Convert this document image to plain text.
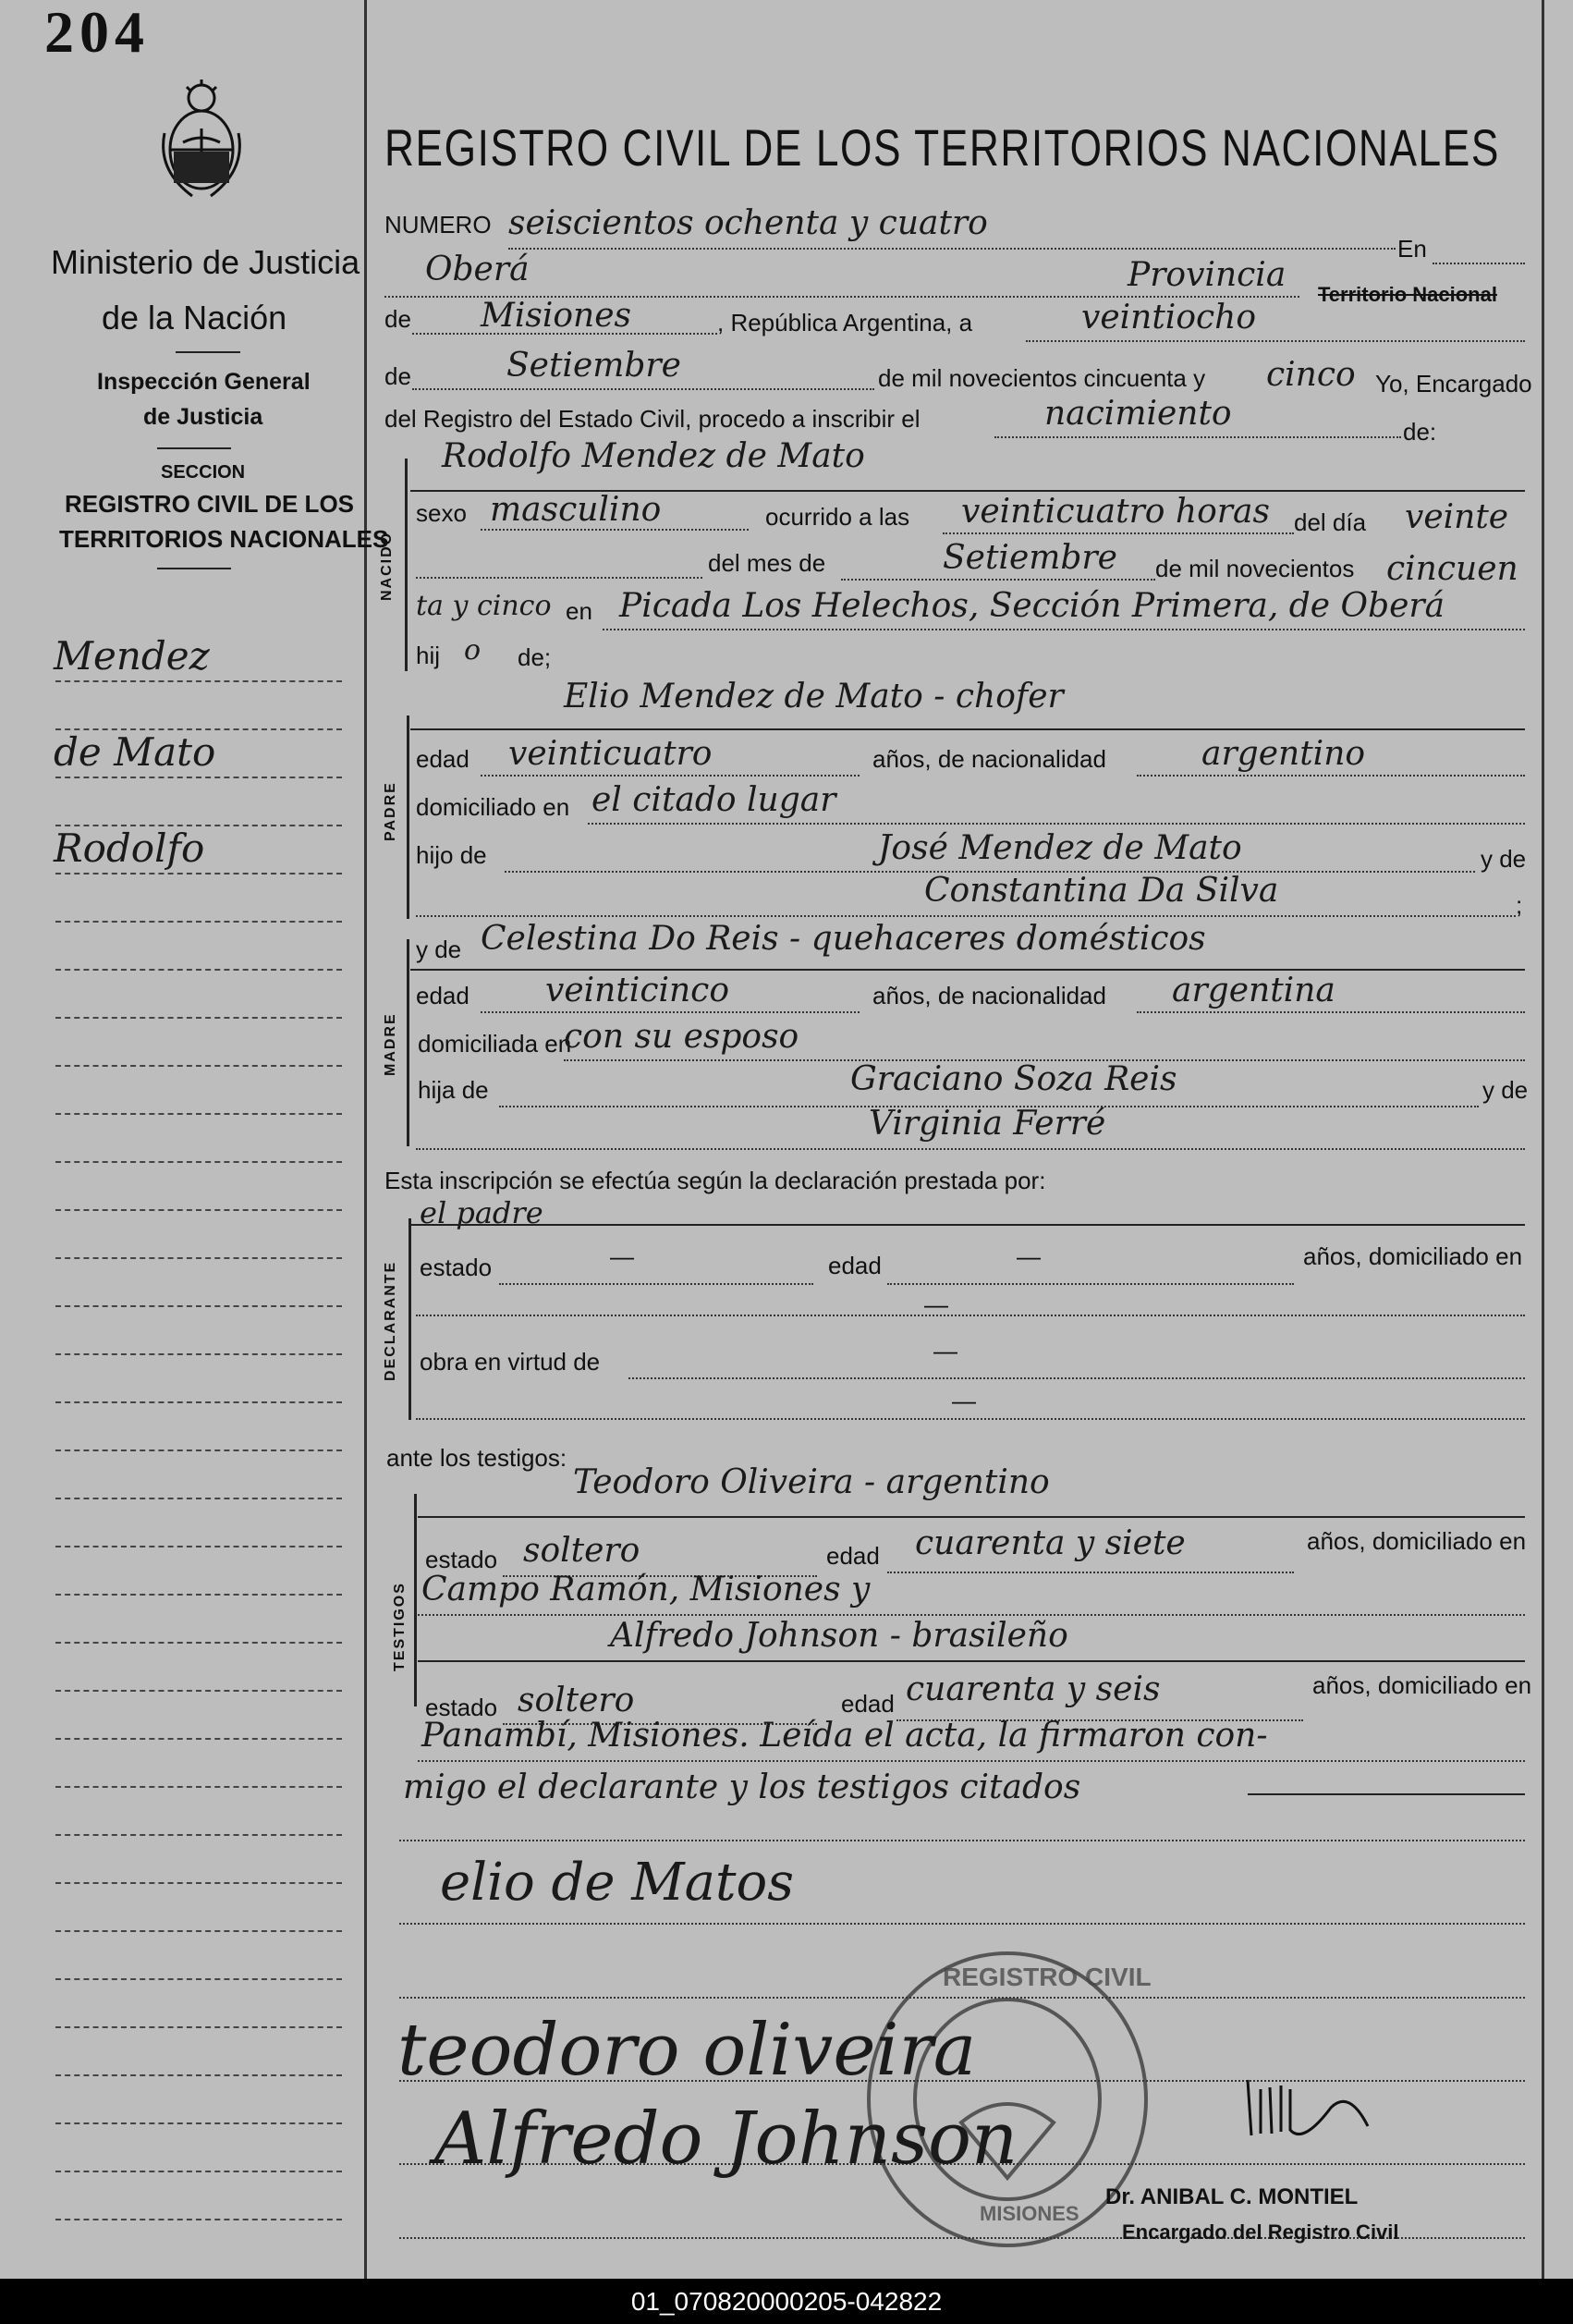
204
Ministerio de Justicia
de la Nación
Inspección General
de Justicia
SECCION
REGISTRO CIVIL DE LOS
TERRITORIOS NACIONALES
Mendez
de Mato
Rodolfo
REGISTRO CIVIL DE LOS TERRITORIOS NACIONALES
NUMERO seiscientos ochenta y cuatro
En
Oberá	Provincia
Territorio Nacional
de Misiones	, República Argentina, a	veintiocho
de	Setiembre	de mil novecientos cincuenta y cinco Yo, Encargado
del Registro del Estado Civil, procedo a inscribir el	nacimiento	de:
NACIDO
Rodolfo Mendez de Mato
sexo masculino	ocurrido a las veinticuatro horas del día veinte
del mes de	Setiembre de mil novecientos cincuen
ta y cinco en Picada Los Helechos, Sección Primera, de Oberá
hij o de;
PADRE
Elio Mendez de Mato - chofer
edad veinticuatro	años, de nacionalidad	argentino
domiciliado en el citado lugar
hijo de	José Mendez de Mato	y de
Constantina Da Silva	;
MADRE
y de Celestina Do Reis - quehaceres domésticos
edad veinticinco	años, de nacionalidad argentina
domiciliada en
con su esposo
hija de	Graciano Soza Reis	y de
Virginia Ferré
Esta inscripción se efectúa según la declaración prestada por:
DECLARANTE
el padre
estado	—	edad	—	años, domiciliado en
—
obra en virtud de	—
—
ante los testigos:
TESTIGOS
Teodoro Oliveira - argentino
estado soltero	edad cuarenta y siete	años, domiciliado en
Campo Ramón, Misiones y
Alfredo Johnson - brasileño
estado soltero	edad cuarenta y seis	años, domiciliado en
Panambí, Misiones. Leída el acta, la firmaron con-
migo el declarante y los testigos citados
elio de Matos
REGISTRO CIVIL
MISIONES
teodoro oliveira
Alfredo Johnson
Dr. ANIBAL C. MONTIEL
Encargado del Registro Civil
01_070820000205-042822
